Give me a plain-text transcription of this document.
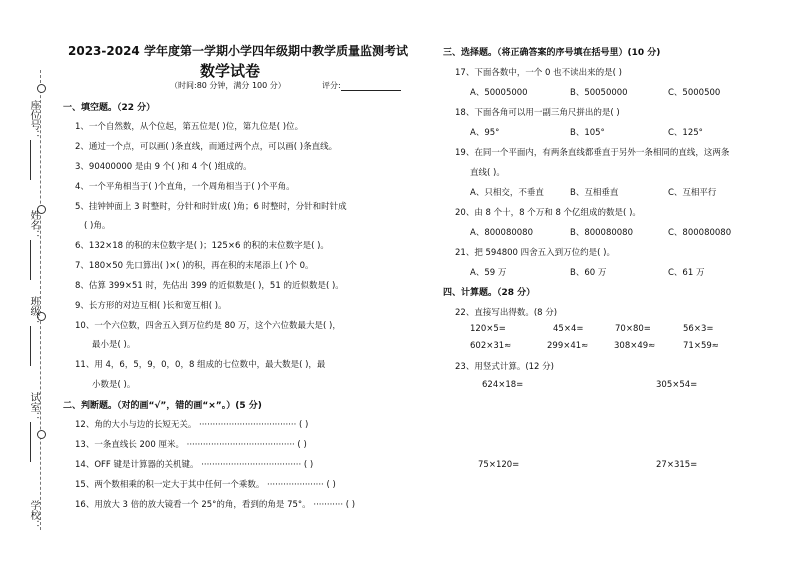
座位号：
姓名：
班级：
试室：
学校：
2023-2024 学年度第一学期小学四年级期中教学质量监测考试
数学试卷
（时间:80 分钟，满分 100 分）	评分:
一、填空题。（22 分）
1、一个自然数，从个位起，第五位是( )位，第九位是( )位。
2、通过一个点，可以画( )条直线，而通过两个点，可以画( )条直线。
3、90400000 是由 9 个( )和 4 个( )组成的。
4、一个平角相当于( )个直角，一个周角相当于( )个平角。
5、挂钟钟面上 3 时整时，分针和时针成( )角；6 时整时，分针和时针成
( )角。
6、132×18 的积的末位数字是( )；125×6 的积的末位数字是( )。
7、180×50 先口算出( )×( )的积，再在积的末尾添上( )个 0。
8、估算 399×51 时，先估出 399 的近似数是( )，51 的近似数是( )。
9、长方形的对边互相( )长和宽互相( )。
10、一个六位数，四舍五入到万位约是 80 万，这个六位数最大是( )，
最小是( )。
11、用 4，6，5，9，0，0，8 组成的七位数中，最大数是( )，最
小数是( )。
二、判断题。（对的画“√”，错的画“×”。）(5 分)
12、角的大小与边的长短无关。 ···································· ( )
13、一条直线长 200 厘米。 ········································ ( )
14、OFF 键是计算器的关机键。 ····································· ( )
15、两个数相乘的积一定大于其中任何一个乘数。 ····················· ( )
16、用放大 3 倍的放大镜看一个 25°的角，看到的角是 75°。 ··········· ( )
三、选择题。（将正确答案的序号填在括号里）(10 分)
17、下面各数中，一个 0 也不读出来的是( )
A、50005000	B、50050000	C、5000500
18、下面各角可以用一副三角尺拼出的是( )
A、95°	B、105°	C、125°
19、在同一个平面内，有两条直线都垂直于另外一条相同的直线，这两条
直线( )。
A、只相交，不垂直	B、互相垂直	C、互相平行
20、由 8 个十，8 个万和 8 个亿组成的数是( )。
A、800080080	B、800080080	C、800080080
21、把 594800 四舍五入到万位约是( )。
A、59 万	B、60 万	C、61 万
四、计算题。（28 分）
22、直接写出得数。(8 分)
120×5=	45×4=	70×80=	56×3=
602×31≈	299×41≈	308×49≈	71×59≈
23、用竖式计算。(12 分)
624×18=	305×54=
75×120=	27×315=
